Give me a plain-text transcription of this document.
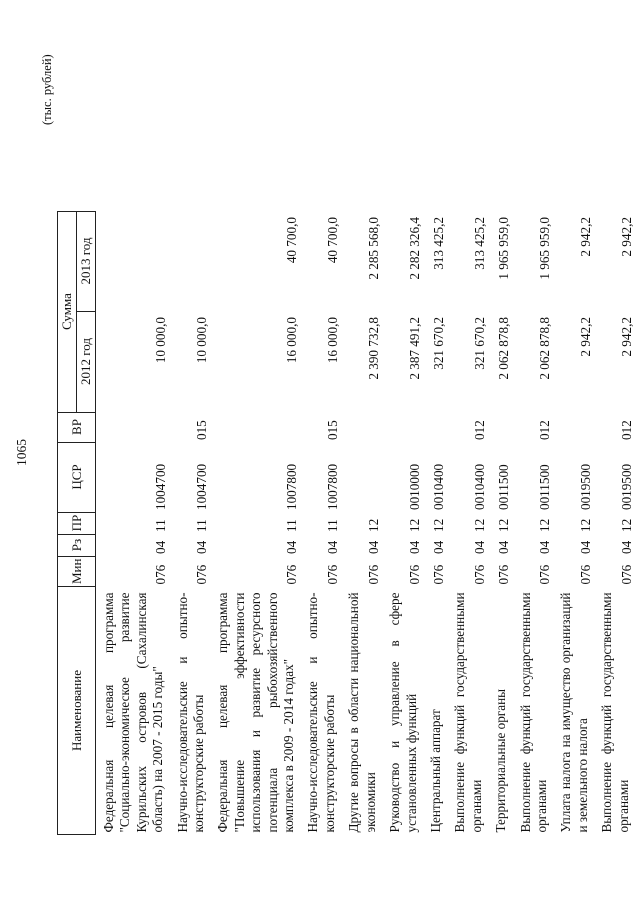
1065
(тыс. рублей)
Наименование	Мин	Рз	ПР	ЦСР	ВР	Сумма	
						2012 год	2013 год
Федеральная целевая программа "Социально-экономическое развитие Курильских островов (Сахалинская область) на 2007 - 2015 годы"	076	04	11	1004700		10 000,0	
Научно-исследовательские и опытно-конструкторские работы	076	04	11	1004700	015	10 000,0	
Федеральная целевая программа "Повышение эффективности использования и развитие ресурсного потенциала рыбохозяйственного комплекса в 2009 - 2014 годах"	076	04	11	1007800		16 000,0	40 700,0
Научно-исследовательские и опытно-конструкторские работы	076	04	11	1007800	015	16 000,0	40 700,0
Другие вопросы в области национальной экономики	076	04	12			2 390 732,8	2 285 568,0
Руководство и управление в сфере установленных функций	076	04	12	0010000		2 387 491,2	2 282 326,4
Центральный аппарат	076	04	12	0010400		321 670,2	313 425,2
Выполнение функций государственными органами	076	04	12	0010400	012	321 670,2	313 425,2
Территориальные органы	076	04	12	0011500		2 062 878,8	1 965 959,0
Выполнение функций государственными органами	076	04	12	0011500	012	2 062 878,8	1 965 959,0
Уплата налога на имущество организаций и земельного налога	076	04	12	0019500		2 942,2	2 942,2
Выполнение функций государственными органами	076	04	12	0019500	012	2 942,2	2 942,2
